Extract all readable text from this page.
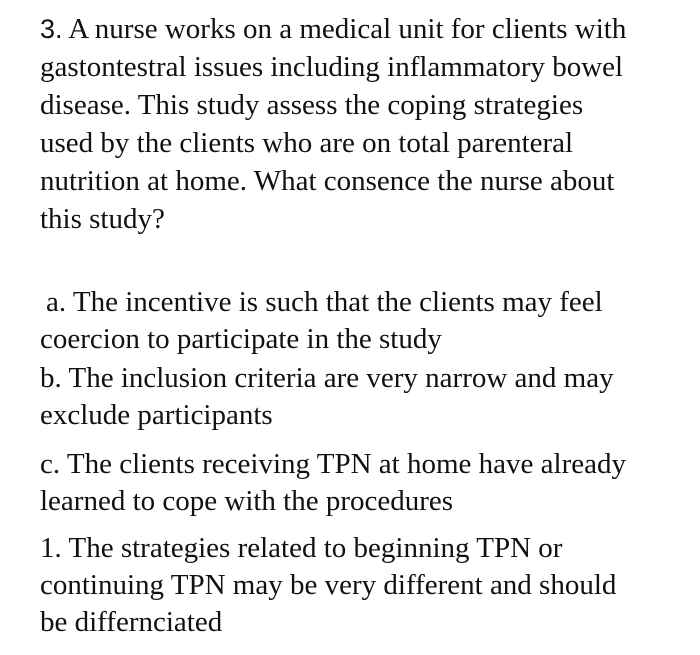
3. A nurse works on a medical unit for clients with
gastontestral issues including inflammatory bowel
disease. This study assess the coping strategies
used by the clients who are on total parenteral
nutrition at home. What consence the nurse about
this study?
a. The incentive is such that the clients may feel
coercion to participate in the study
b. The inclusion criteria are very narrow and may
exclude participants
c. The clients receiving TPN at home have already
learned to cope with the procedures
1. The strategies related to beginning TPN or
continuing TPN may be very different and should
be differnciated
